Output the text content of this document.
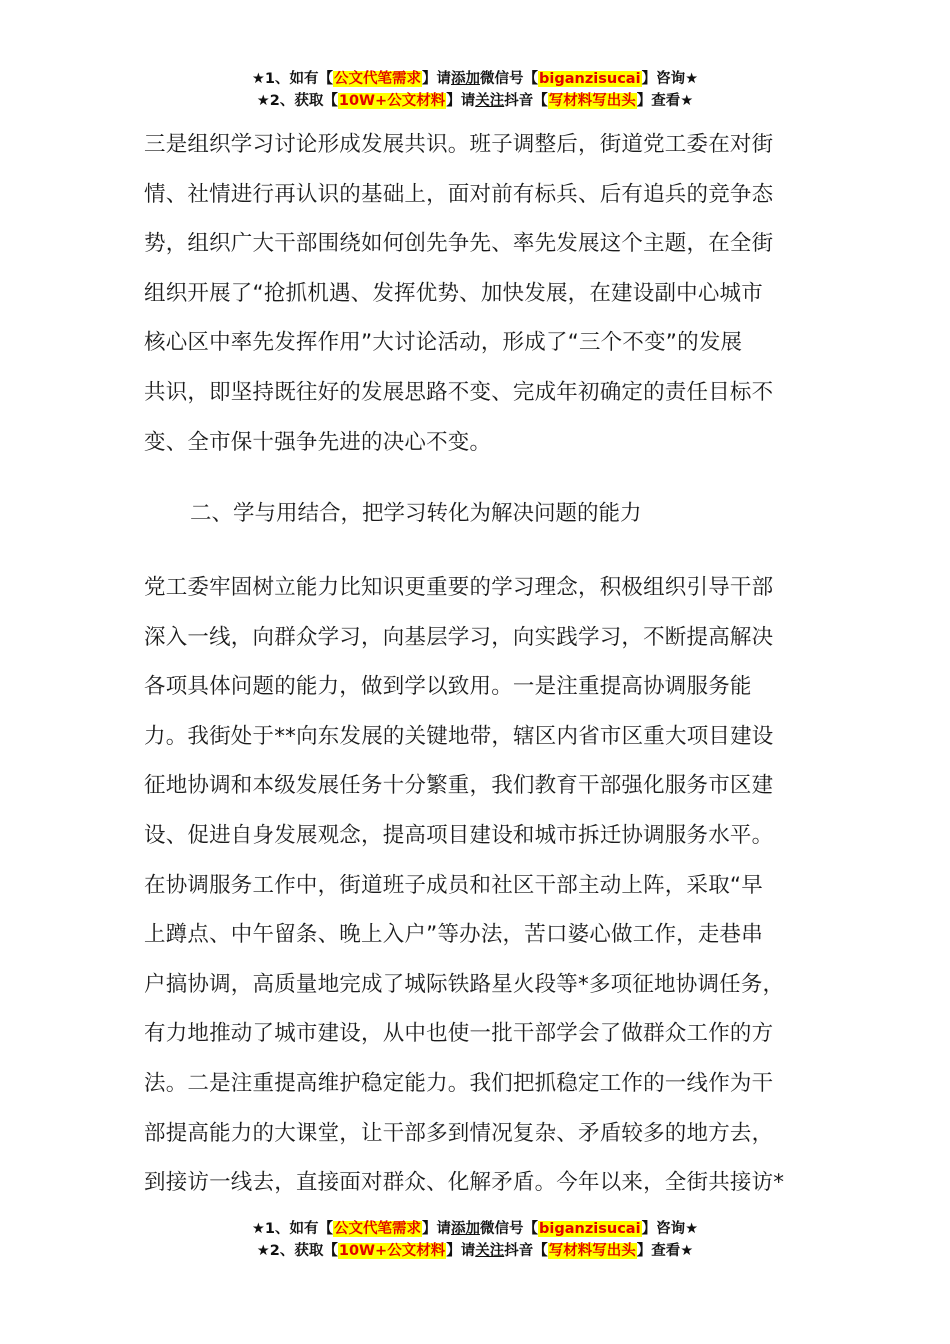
★1、如有【公文代笔需求】请添加微信号【biganzisucai】咨询★
★2、获取【10W+公文材料】请关注抖音【写材料写出头】查看★
三是组织学习讨论形成发展共识。班子调整后，街道党工委在对街
情、社情进行再认识的基础上，面对前有标兵、后有追兵的竞争态
势，组织广大干部围绕如何创先争先、率先发展这个主题，在全街
组织开展了“抢抓机遇、发挥优势、加快发展，在建设副中心城市
核心区中率先发挥作用”大讨论活动，形成了“三个不变”的发展
共识，即坚持既往好的发展思路不变、完成年初确定的责任目标不
变、全市保十强争先进的决心不变。
二、学与用结合，把学习转化为解决问题的能力
党工委牢固树立能力比知识更重要的学习理念，积极组织引导干部
深入一线，向群众学习，向基层学习，向实践学习，不断提高解决
各项具体问题的能力，做到学以致用。一是注重提高协调服务能
力。我街处于**向东发展的关键地带，辖区内省市区重大项目建设
征地协调和本级发展任务十分繁重，我们教育干部强化服务市区建
设、促进自身发展观念，提高项目建设和城市拆迁协调服务水平。
在协调服务工作中，街道班子成员和社区干部主动上阵，采取“早
上蹲点、中午留条、晚上入户”等办法，苦口婆心做工作，走巷串
户搞协调，高质量地完成了城际铁路星火段等*多项征地协调任务，
有力地推动了城市建设，从中也使一批干部学会了做群众工作的方
法。二是注重提高维护稳定能力。我们把抓稳定工作的一线作为干
部提高能力的大课堂，让干部多到情况复杂、矛盾较多的地方去，
到接访一线去，直接面对群众、化解矛盾。今年以来，全街共接访*
★1、如有【公文代笔需求】请添加微信号【biganzisucai】咨询★
★2、获取【10W+公文材料】请关注抖音【写材料写出头】查看★
